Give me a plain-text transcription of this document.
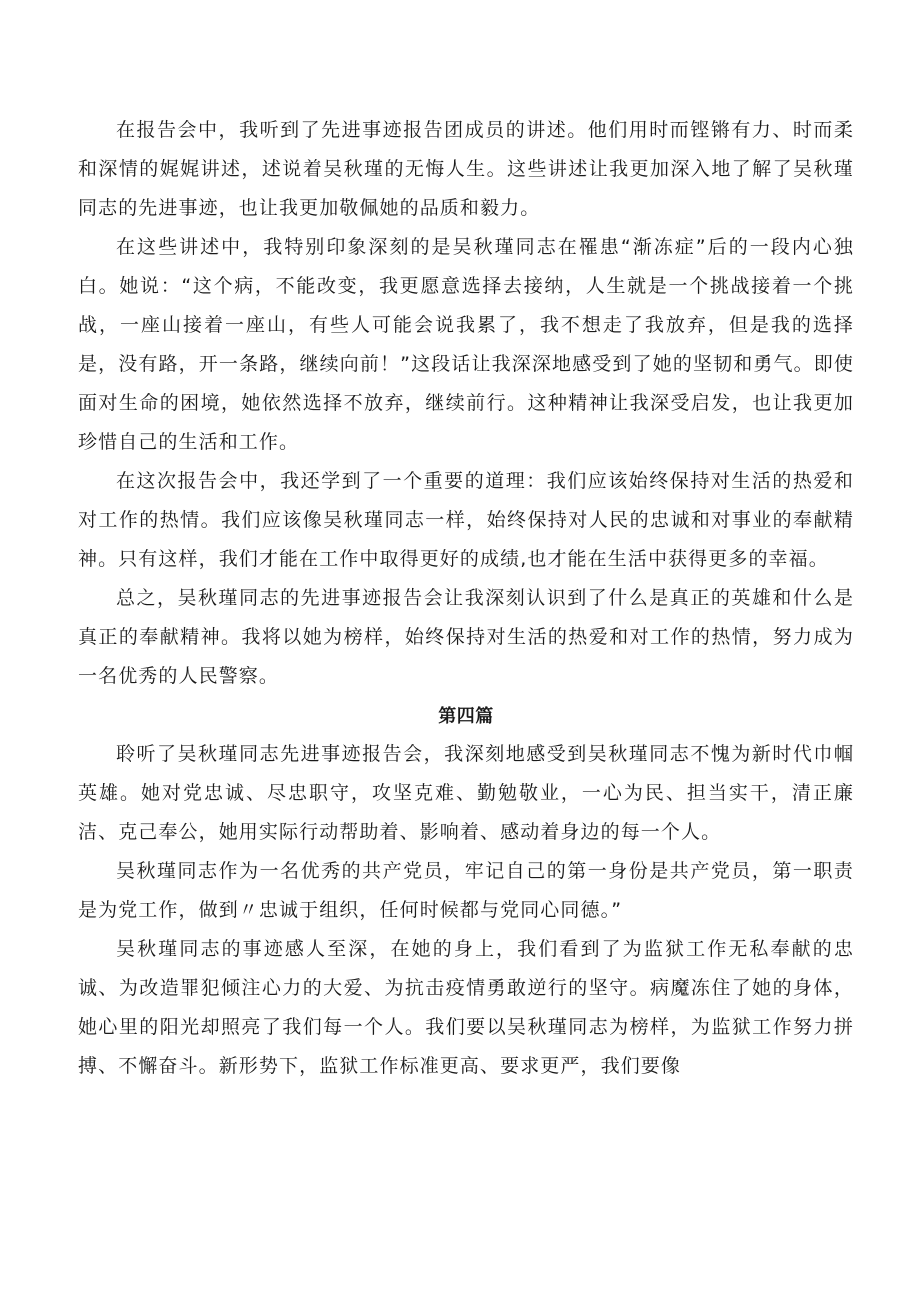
在报告会中，我听到了先进事迹报告团成员的讲述。他们用时而铿锵有力、时而柔和深情的娓娓讲述，述说着吴秋瑾的无悔人生。这些讲述让我更加深入地了解了吴秋瑾同志的先进事迹，也让我更加敬佩她的品质和毅力。

在这些讲述中，我特别印象深刻的是吴秋瑾同志在罹患“渐冻症”后的一段内心独白。她说：“这个病，不能改变，我更愿意选择去接纳，人生就是一个挑战接着一个挑战，一座山接着一座山，有些人可能会说我累了，我不想走了我放弃，但是我的选择是，没有路，开一条路，继续向前！”这段话让我深深地感受到了她的坚韧和勇气。即使面对生命的困境，她依然选择不放弃，继续前行。这种精神让我深受启发，也让我更加珍惜自己的生活和工作。

在这次报告会中，我还学到了一个重要的道理：我们应该始终保持对生活的热爱和对工作的热情。我们应该像吴秋瑾同志一样，始终保持对人民的忠诚和对事业的奉献精神。只有这样，我们才能在工作中取得更好的成绩,也才能在生活中获得更多的幸福。

总之，吴秋瑾同志的先进事迹报告会让我深刻认识到了什么是真正的英雄和什么是真正的奉献精神。我将以她为榜样，始终保持对生活的热爱和对工作的热情，努力成为一名优秀的人民警察。

第四篇

聆听了吴秋瑾同志先进事迹报告会，我深刻地感受到吴秋瑾同志不愧为新时代巾帼英雄。她对党忠诚、尽忠职守，攻坚克难、勤勉敬业，一心为民、担当实干，清正廉洁、克己奉公，她用实际行动帮助着、影响着、感动着身边的每一个人。

吴秋瑾同志作为一名优秀的共产党员，牢记自己的第一身份是共产党员，第一职责是为党工作，做到〃忠诚于组织，任何时候都与党同心同德。”

吴秋瑾同志的事迹感人至深，在她的身上，我们看到了为监狱工作无私奉献的忠诚、为改造罪犯倾注心力的大爱、为抗击疫情勇敢逆行的坚守。病魔冻住了她的身体，她心里的阳光却照亮了我们每一个人。我们要以吴秋瑾同志为榜样，为监狱工作努力拼搏、不懈奋斗。新形势下，监狱工作标准更高、要求更严，我们要像
